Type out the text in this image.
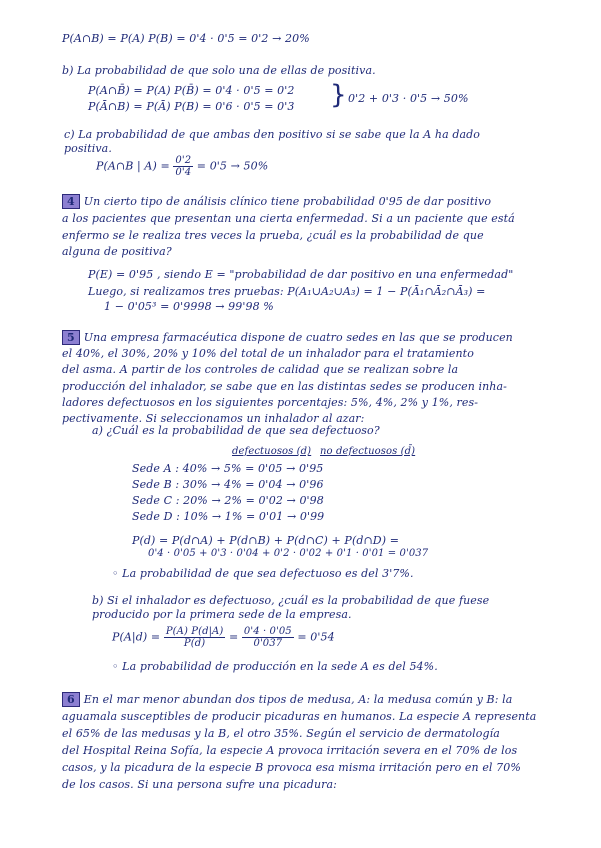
P(A∩B) = P(A) P(B) = 0'4 · 0'5 = 0'2 → 20%
b) La probabilidad de que solo una de ellas de positiva.
P(A∩B̄) = P(A) P(B̄) = 0'4 · 0'5 = 0'2
P(Ā∩B) = P(Ā) P(B) = 0'6 · 0'5 = 0'3 } 0'2 + 0'3 · 0'5 → 50%
c) La probabilidad de que ambas den positivo si se sabe que la A ha dado
positiva.
P(A∩B | $A) = \frac{0'2}{0'4} = 0'5 \to 50\%$
4 Un cierto tipo de análisis clínico tiene probabilidad 0'95 de dar positivo
a los pacientes que presentan una cierta enfermedad. Si a un paciente que está
enfermo se le realiza tres veces la prueba, ¿cuál es la probabilidad de que
alguna de positiva?
P(E) = 0'95 , siendo E = "probabilidad de dar positivo en una enfermedad"
Luego, si realizamos tres pruebas: P(A₁∪A₂∪A₃) = 1 − P(Ā₁∩Ā₂∩Ā₃) =
1 − 0'05³ = 0'9998 → 99'98 %
5 Una empresa farmacéutica dispone de cuatro sedes en las que se producen
el 40%, el 30%, 20% y 10% del total de un inhalador para el tratamiento
del asma. A partir de los controles de calidad que se realizan sobre la
producción del inhalador, se sabe que en las distintas sedes se producen inha-
ladores defectuosos en los siguientes porcentajes: 5%, 4%, 2% y 1%, res-
pectivamente. Si seleccionamos un inhalador al azar:
a) ¿Cuál es la probabilidad de que sea defectuoso?
defectuosos (d) no defectuosos (d̄)
Sede A : 40% → 5% = 0'05 → 0'95
Sede B : 30% → 4% = 0'04 → 0'96
Sede C : 20% → 2% = 0'02 → 0'98
Sede D : 10% → 1% = 0'01 → 0'99
P(d) = P(d∩A) + P(d∩B) + P(d∩C) + P(d∩D) =
0'4 · 0'05 + 0'3 · 0'04 + 0'2 · 0'02 + 0'1 · 0'01 = 0'037
◦ La probabilidad de que sea defectuoso es del 3'7%.
b) Si el inhalador es defectuoso, ¿cuál es la probabilidad de que fuese
producido por la primera sede de la empresa.
$P(A|d) = \frac{P(A) P(d|A)}{P(d)} = \frac{0'4 \cdot 0'05}{0'037} = 0'54$
◦ La probabilidad de producción en la sede A es del 54%.
6 En el mar menor abundan dos tipos de medusa, A: la medusa común y B: la
aguamala susceptibles de producir picaduras en humanos. La especie A representa
el 65% de las medusas y la B, el otro 35%. Según el servicio de dermatología
del Hospital Reina Sofía, la especie A provoca irritación severa en el 70% de los
casos, y la picadura de la especie B provoca esa misma irritación pero en el 70%
de los casos. Si una persona sufre una picadura:
